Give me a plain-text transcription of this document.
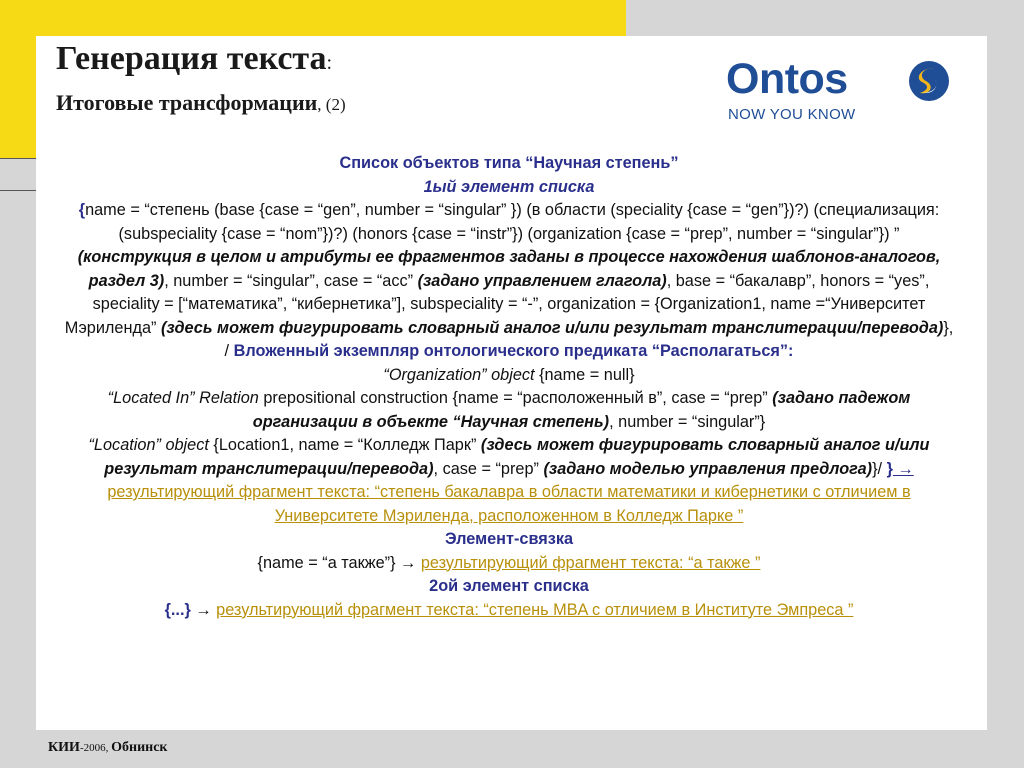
Генерация текста:
Итоговые трансформации, (2)
Ontos
NOW YOU KNOW

Список объектов типа “Научная степень”

1ый элемент списка

{name = “степень (base {case = “gen”, number = “singular” }) (в области (speciality {case = “gen”})?) (специализация: (subspeciality {case = “nom”})?) (honors {case = “instr”}) (organization {case = “prep”, number = “singular”}) ” (конструкция в целом и атрибуты ее фрагментов заданы в процессе нахождения шаблонов-аналогов, раздел 3), number = “singular”, case = “acc” (задано управлением глагола), base = “бакалавр”, honors = “yes”, speciality = [“математика”, “кибернетика”], subspeciality = “-”, organization = {Organization1, name =“Университет Мэриленда” (здесь может фигурировать словарный аналог и/или результат транслитерации/перевода)},

/ Вложенный экземпляр онтологического предиката “Располагаться”:

“Organization” object {name = null}

“Located In” Relation prepositional construction {name = “расположенный в”, case = “prep” (задано падежом организации в объекте “Научная степень), number = “singular”}

“Location” object {Location1, name = “Колледж Парк” (здесь может фигурировать словарный аналог и/или результат транслитерации/перевода), case = “prep” (задано моделью управления предлога)}/ } → результирующий фрагмент текста: “степень бакалавра в области математики и кибернетики с отличием в Университете Мэриленда, расположенном в Колледж Парке ”

Элемент-связка

{name = “а также”} → результирующий фрагмент текста: “а также ”

2ой элемент списка

{...} → результирующий фрагмент текста: “степень MBA с отличием в Институте Эмпреса ”

КИИ-2006, Обнинск
